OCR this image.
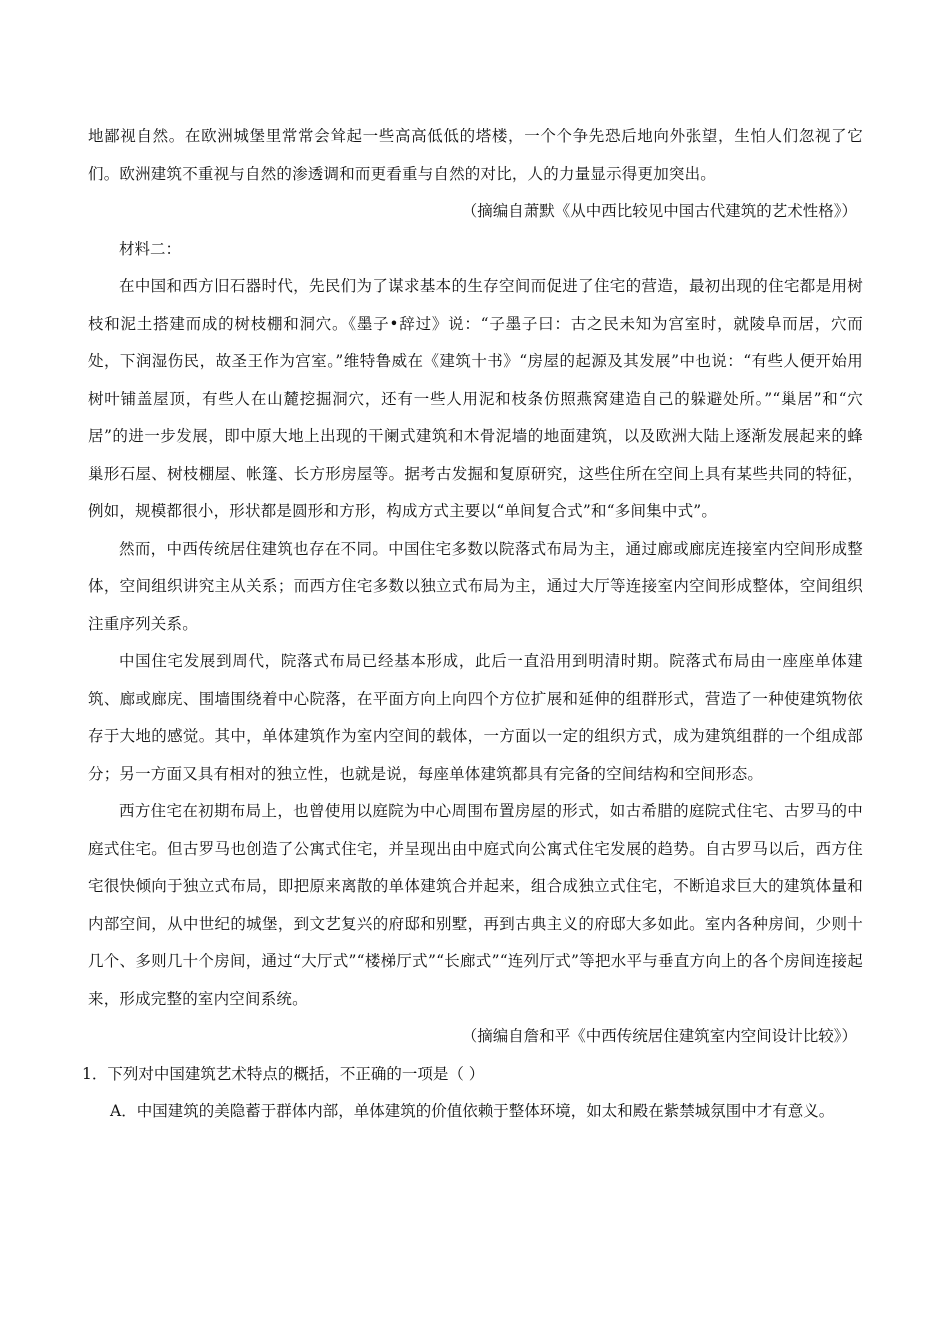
地鄙视自然。在欧洲城堡里常常会耸起一些高高低低的塔楼，一个个争先恐后地向外张望，生怕人们忽视了它们。欧洲建筑不重视与自然的渗透调和而更看重与自然的对比，人的力量显示得更加突出。

（摘编自萧默《从中西比较见中国古代建筑的艺术性格》）

材料二：

在中国和西方旧石器时代，先民们为了谋求基本的生存空间而促进了住宅的营造，最初出现的住宅都是用树枝和泥土搭建而成的树枝棚和洞穴。《墨子•辞过》说：“子墨子曰：古之民未知为宫室时，就陵阜而居，穴而处，下润湿伤民，故圣王作为宫室。”维特鲁威在《建筑十书》“房屋的起源及其发展”中也说：“有些人便开始用树叶铺盖屋顶，有些人在山麓挖掘洞穴，还有一些人用泥和枝条仿照燕窝建造自己的躲避处所。”“巢居”和“穴居”的进一步发展，即中原大地上出现的干阑式建筑和木骨泥墙的地面建筑，以及欧洲大陆上逐渐发展起来的蜂巢形石屋、树枝棚屋、帐篷、长方形房屋等。据考古发掘和复原研究，这些住所在空间上具有某些共同的特征，例如，规模都很小，形状都是圆形和方形，构成方式主要以“单间复合式”和“多间集中式”。

然而，中西传统居住建筑也存在不同。中国住宅多数以院落式布局为主，通过廊或廊庑连接室内空间形成整体，空间组织讲究主从关系；而西方住宅多数以独立式布局为主，通过大厅等连接室内空间形成整体，空间组织注重序列关系。

中国住宅发展到周代，院落式布局已经基本形成，此后一直沿用到明清时期。院落式布局由一座座单体建筑、廊或廊庑、围墙围绕着中心院落，在平面方向上向四个方位扩展和延伸的组群形式，营造了一种使建筑物依存于大地的感觉。其中，单体建筑作为室内空间的载体，一方面以一定的组织方式，成为建筑组群的一个组成部分；另一方面又具有相对的独立性，也就是说，每座单体建筑都具有完备的空间结构和空间形态。

西方住宅在初期布局上，也曾使用以庭院为中心周围布置房屋的形式，如古希腊的庭院式住宅、古罗马的中庭式住宅。但古罗马也创造了公寓式住宅，并呈现出由中庭式向公寓式住宅发展的趋势。自古罗马以后，西方住宅很快倾向于独立式布局，即把原来离散的单体建筑合并起来，组合成独立式住宅，不断追求巨大的建筑体量和内部空间，从中世纪的城堡，到文艺复兴的府邸和别墅，再到古典主义的府邸大多如此。室内各种房间，少则十几个、多则几十个房间，通过“大厅式”“楼梯厅式”“长廊式”“连列厅式”等把水平与垂直方向上的各个房间连接起来，形成完整的室内空间系统。

（摘编自詹和平《中西传统居住建筑室内空间设计比较》）

1．下列对中国建筑艺术特点的概括，不正确的一项是（ ）

A．中国建筑的美隐蓄于群体内部，单体建筑的价值依赖于整体环境，如太和殿在紫禁城氛围中才有意义。
